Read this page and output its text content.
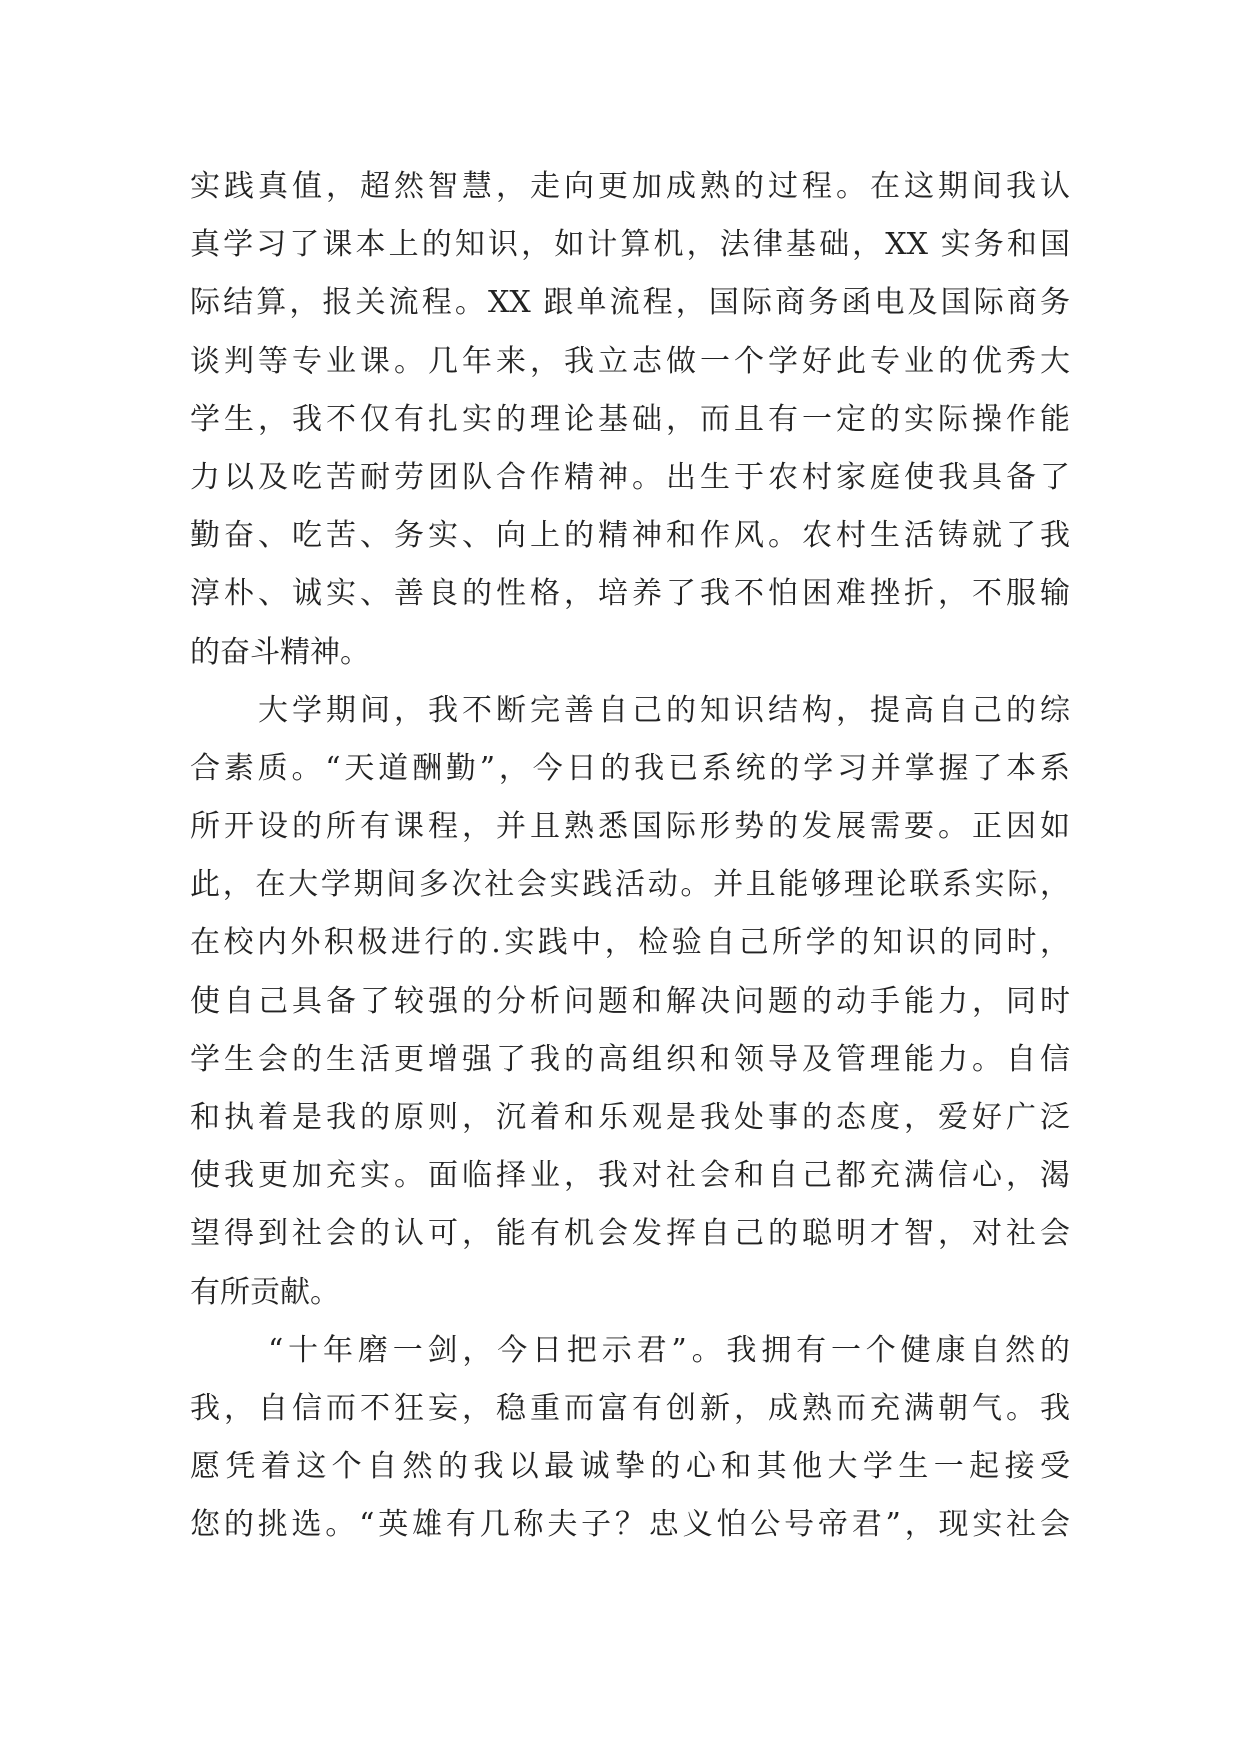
实践真值，超然智慧，走向更加成熟的过程。在这期间我认
真学习了课本上的知识，如计算机，法律基础，XX 实务和国
际结算，报关流程。XX 跟单流程，国际商务函电及国际商务
谈判等专业课。几年来，我立志做一个学好此专业的优秀大
学生，我不仅有扎实的理论基础，而且有一定的实际操作能
力以及吃苦耐劳团队合作精神。出生于农村家庭使我具备了
勤奋、吃苦、务实、向上的精神和作风。农村生活铸就了我
淳朴、诚实、善良的性格，培养了我不怕困难挫折，不服输
的奋斗精神。
大学期间，我不断完善自己的知识结构，提高自己的综
合素质。“天道酬勤”，今日的我已系统的学习并掌握了本系
所开设的所有课程，并且熟悉国际形势的发展需要。正因如
此，在大学期间多次社会实践活动。并且能够理论联系实际，
在校内外积极进行的.实践中，检验自己所学的知识的同时，
使自己具备了较强的分析问题和解决问题的动手能力，同时
学生会的生活更增强了我的高组织和领导及管理能力。自信
和执着是我的原则，沉着和乐观是我处事的态度，爱好广泛
使我更加充实。面临择业，我对社会和自己都充满信心，渴
望得到社会的认可，能有机会发挥自己的聪明才智，对社会
有所贡献。
“十年磨一剑，今日把示君”。我拥有一个健康自然的
我，自信而不狂妄，稳重而富有创新，成熟而充满朝气。我
愿凭着这个自然的我以最诚挚的心和其他大学生一起接受
您的挑选。“英雄有几称夫子？忠义怕公号帝君”，现实社会
